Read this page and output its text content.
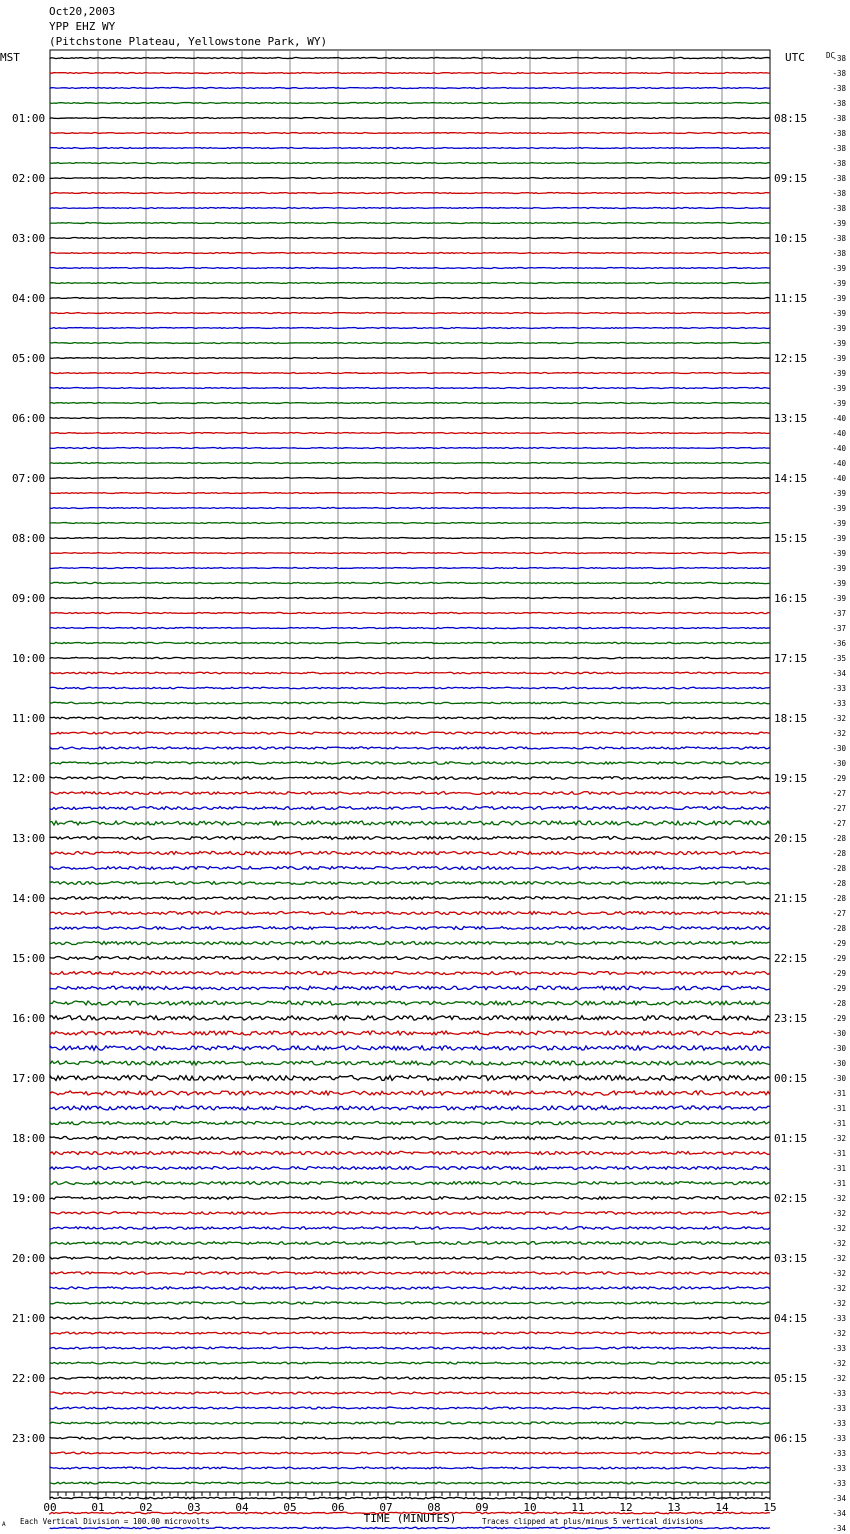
Oct20,2003
YPP EHZ WY
(Pitchstone Plateau, Yellowstone Park, WY)
-38
-38
-38
-38
-38
-38
-38
-38
-38
-38
-38
-39
-38
-38
-39
-39
-39
-39
-39
-39
-39
-39
-39
-39
-40
-40
-40
-40
-40
-39
-39
-39
-39
-39
-39
-39
-39
-37
-37
-36
-35
-34
-33
-33
-32
-32
-30
-30
-29
-27
-27
-27
-28
-28
-28
-28
-28
-27
-28
-29
-29
-29
-29
-28
-29
-30
-30
-30
-30
-31
-31
-31
-32
-31
-31
-31
-32
-32
-32
-32
-32
-32
-32
-32
-33
-32
-33
-32
-32
-33
-33
-33
-33
-33
-33
-33
-34
-34
-34
MST	UTC	DC
01:00
02:00
03:00
04:00
05:00
06:00
07:00
08:00
09:00
10:00
11:00
12:00
13:00
14:00
15:00
16:00
17:00
18:00
19:00
20:00
21:00
22:00
23:00
08:15
09:15
10:15
11:15
12:15
13:15
14:15
15:15
16:15
17:15
18:15
19:15
20:15
21:15
22:15
23:15
00:15
01:15
02:15
03:15
04:15
05:15
06:15
00	01	02	03	04	05	06	07	08	09	10	11	12	13	14	15
TIME (MINUTES)
Each Vertical Division = 100.00 microvolts	Traces clipped at plus/minus 5 vertical divisions
A
